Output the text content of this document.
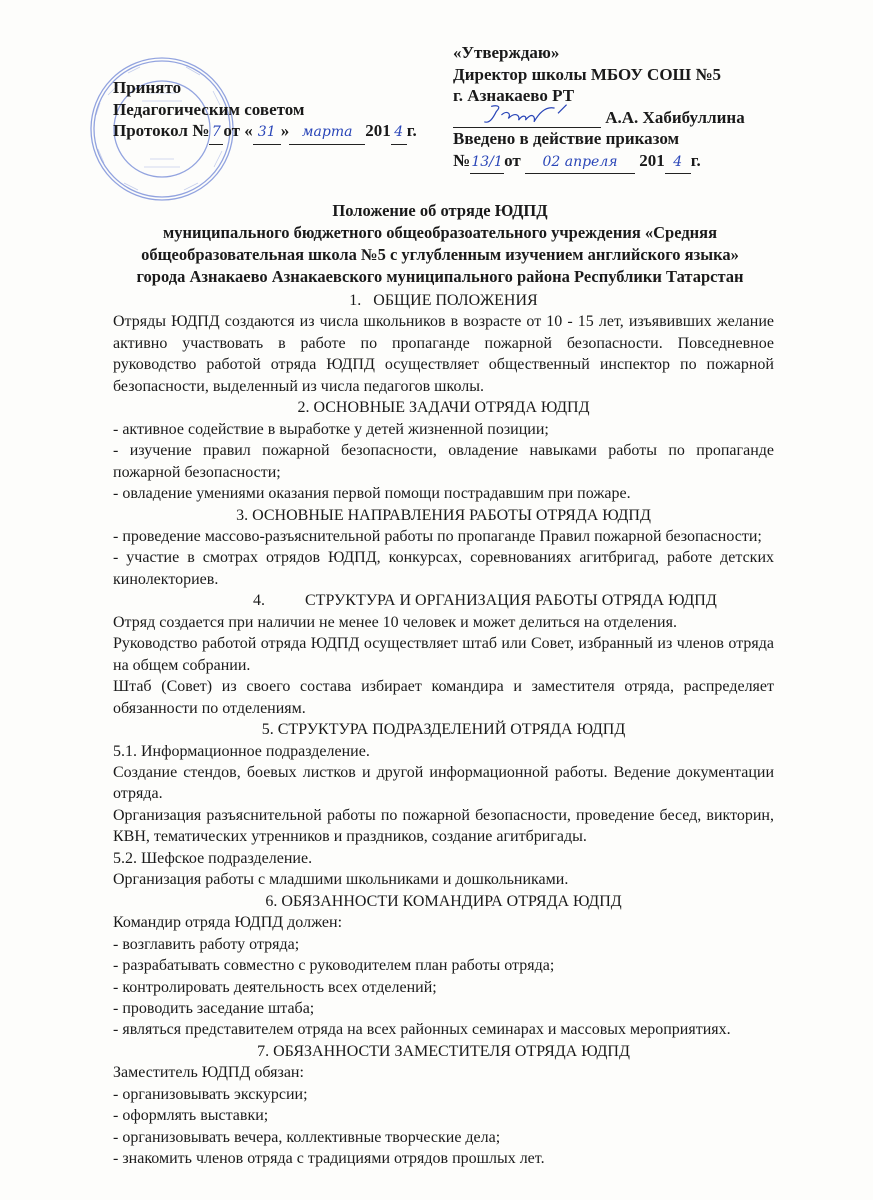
Принято
Педагогическим советом
Протокол № 7 от « 31 » марта 201 4 г.
«Утверждаю»
Директор школы МБОУ СОШ №5
г. Азнакаево РТ
А.А. Хабибуллина
Введено в действие приказом
№13/1от 02 апреля 201 4 г.
Положение об отряде ЮДПД
муниципального бюджетного общеобразоательного учреждения «Средняя
общеобразовательная школа №5 с углубленным изучением английского языка»
города Азнакаево Азнакаевского муниципального района Республики Татарстан
1.   ОБЩИЕ ПОЛОЖЕНИЯ

Отряды ЮДПД создаются из числа школьников в возрасте от 10 - 15 лет, изъявивших желание активно участвовать в работе по пропаганде пожарной безопасности. Повседневное руководство работой отряда ЮДПД осуществляет общественный инспектор по пожарной безопасности, выделенный из числа педагогов школы.

2. ОСНОВНЫЕ ЗАДАЧИ ОТРЯДА ЮДПД

- активное содействие в выработке у детей жизненной позиции;

- изучение правил пожарной безопасности, овладение навыками работы по пропаганде пожарной безопасности;

- овладение умениями оказания первой помощи пострадавшим при пожаре.

3. ОСНОВНЫЕ НАПРАВЛЕНИЯ РАБОТЫ ОТРЯДА ЮДПД

- проведение массово-разъяснительной работы по пропаганде Правил пожарной безопасности;

- участие в смотрах отрядов ЮДПД, конкурсах, соревнованиях агитбригад, работе детских кинолекториев.

4.          СТРУКТУРА И ОРГАНИЗАЦИЯ РАБОТЫ ОТРЯДА ЮДПД

Отряд создается при наличии не менее 10 человек и может делиться на отделения.

Руководство работой отряда ЮДПД осуществляет штаб или Совет, избранный из членов отряда на общем собрании.

Штаб (Совет) из своего состава избирает командира и заместителя отряда, распределяет обязанности по отделениям.

5. СТРУКТУРА ПОДРАЗДЕЛЕНИЙ ОТРЯДА ЮДПД

5.1. Информационное подразделение.

Создание стендов, боевых листков и другой информационной работы. Ведение документации отряда.

Организация разъяснительной работы по пожарной безопасности, проведение бесед, викторин, КВН, тематических утренников и праздников, создание агитбригады.

5.2. Шефское подразделение.

Организация работы с младшими школьниками и дошкольниками.

6. ОБЯЗАННОСТИ КОМАНДИРА ОТРЯДА ЮДПД

Командир отряда ЮДПД должен:

- возглавить работу отряда;

- разрабатывать совместно с руководителем план работы отряда;

- контролировать деятельность всех отделений;

- проводить заседание штаба;

- являться представителем отряда на всех районных семинарах и массовых мероприятиях.

7. ОБЯЗАННОСТИ ЗАМЕСТИТЕЛЯ ОТРЯДА ЮДПД

Заместитель ЮДПД обязан:

- организовывать экскурсии;

- оформлять выставки;

- организовывать вечера, коллективные творческие дела;

- знакомить членов отряда с традициями отрядов прошлых лет.
